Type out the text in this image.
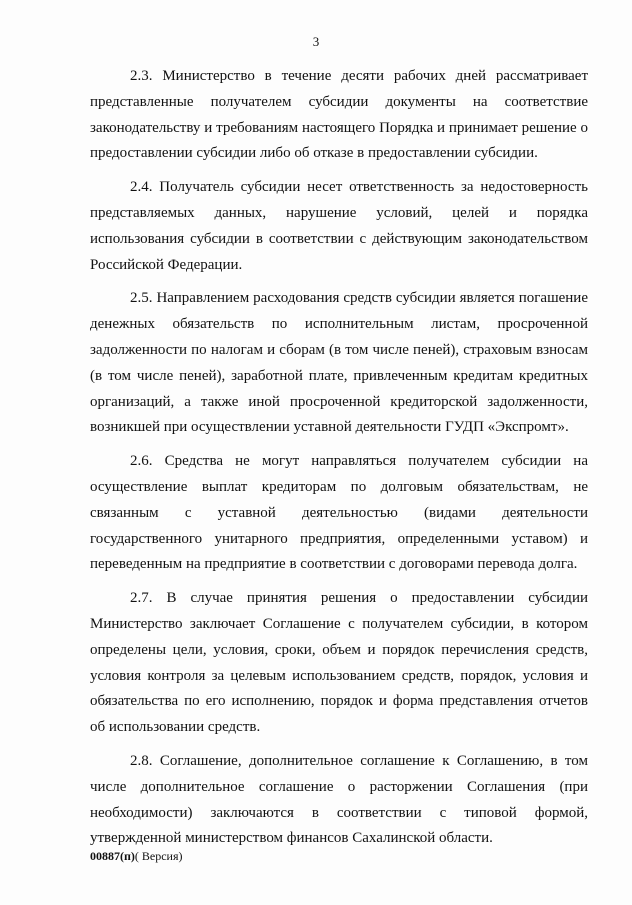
3

2.3. Министерство в течение десяти рабочих дней рассматривает представленные получателем субсидии документы на соответствие законодательству и требованиям настоящего Порядка и принимает решение о предоставлении субсидии либо об отказе в предоставлении субсидии.

2.4. Получатель субсидии несет ответственность за недостоверность представляемых данных, нарушение условий, целей и порядка использования субсидии в соответствии с действующим законодательством Российской Федерации.

2.5. Направлением расходования средств субсидии является погашение денежных обязательств по исполнительным листам, просроченной задолженности по налогам и сборам (в том числе пеней), страховым взносам (в том числе пеней), заработной плате, привлеченным кредитам кредитных организаций, а также иной просроченной кредиторской задолженности, возникшей при осуществлении уставной деятельности ГУДП «Экспромт».

2.6. Средства не могут направляться получателем субсидии на осуществление выплат кредиторам по долговым обязательствам, не связанным с уставной деятельностью (видами деятельности государственного унитарного предприятия, определенными уставом) и переведенным на предприятие в соответствии с договорами перевода долга.

2.7. В случае принятия решения о предоставлении субсидии Министерство заключает Соглашение с получателем субсидии, в котором определены цели, условия, сроки, объем и порядок перечисления средств, условия контроля за целевым использованием средств, порядок, условия и обязательства по его исполнению, порядок и форма представления отчетов об использовании средств.

2.8. Соглашение, дополнительное соглашение к Соглашению, в том числе дополнительное соглашение о расторжении Соглашения (при необходимости) заключаются в соответствии с типовой формой, утвержденной министерством финансов Сахалинской области.

00887(п)( Версия)
